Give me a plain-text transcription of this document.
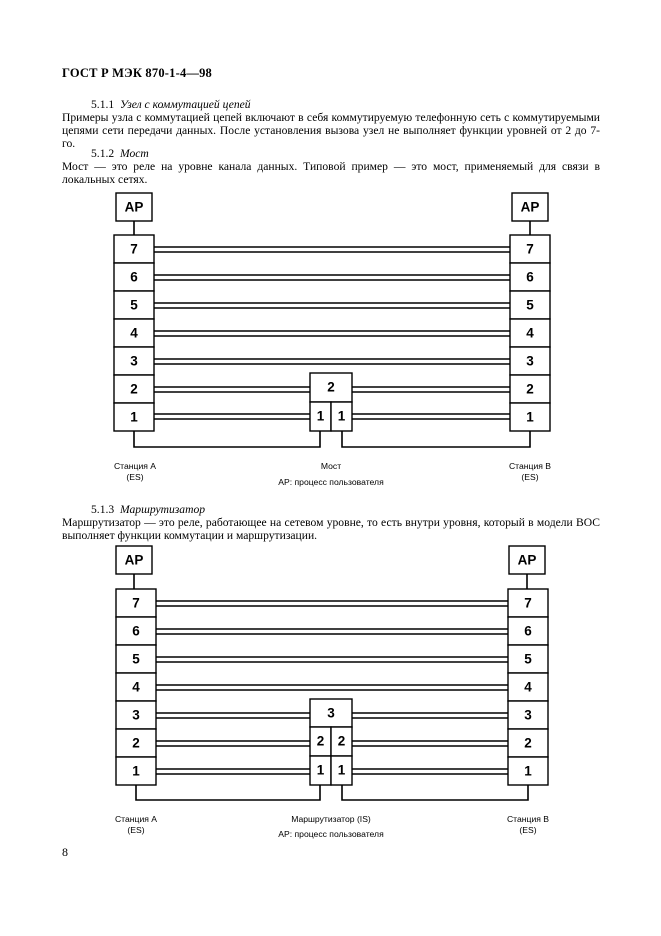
ГОСТ Р МЭК 870-1-4—98
5.1.1 Узел с коммутацией цепей
Примеры узла с коммутацией цепей включают в себя коммутируемую телефонную сеть с коммутируемыми цепями сети передачи данных. После установления вызова узел не выполняет функции уровней от 2 до 7-го.
5.1.2 Мост
Мост — это реле на уровне канала данных. Типовой пример — это мост, применяемый для связи в локальных сетях.
AP	AP
7
6
5
4
3
2
1
7
6
5
4
3
2
1
2
1 1
Станция А
(ES)
Мост
AP: процесс пользователя
Станция В
(ES)
5.1.3 Маршрутизатор
Маршрутизатор — это реле, работающее на сетевом уровне, то есть внутри уровня, который в модели ВОС выполняет функции коммутации и маршрутизации.
AP	AP
7
6
5
4
3
2
1
7
6
5
4
3
2
1
3
2 2
1 1
Станция А
(ES)
Маршрутизатор (IS)
AP: процесс пользователя
Станция В
(ES)
8
